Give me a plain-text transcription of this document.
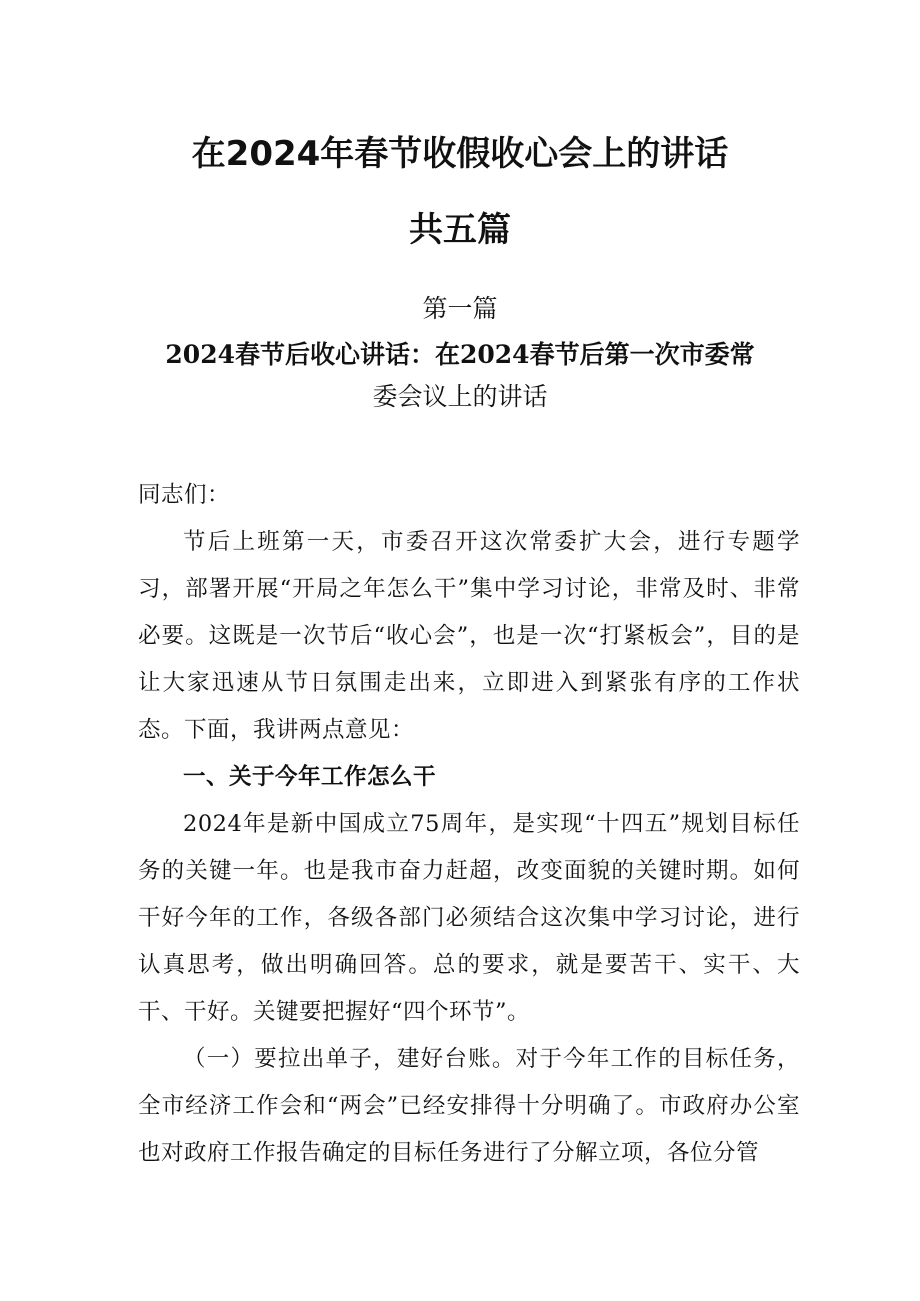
在2024年春节收假收心会上的讲话
共五篇
第一篇
2024春节后收心讲话：在2024春节后第一次市委常
委会议上的讲话

同志们：

节后上班第一天，市委召开这次常委扩大会，进行专题学习，部署开展“开局之年怎么干”集中学习讨论，非常及时、非常必要。这既是一次节后“收心会”，也是一次“打紧板会”，目的是让大家迅速从节日氛围走出来，立即进入到紧张有序的工作状态。下面，我讲两点意见：

一、关于今年工作怎么干

2024年是新中国成立75周年，是实现“十四五”规划目标任务的关键一年。也是我市奋力赶超，改变面貌的关键时期。如何干好今年的工作，各级各部门必须结合这次集中学习讨论，进行认真思考，做出明确回答。总的要求，就是要苦干、实干、大干、干好。关键要把握好“四个环节”。

（一）要拉出单子，建好台账。对于今年工作的目标任务，全市经济工作会和“两会”已经安排得十分明确了。市政府办公室也对政府工作报告确定的目标任务进行了分解立项，各位分管
